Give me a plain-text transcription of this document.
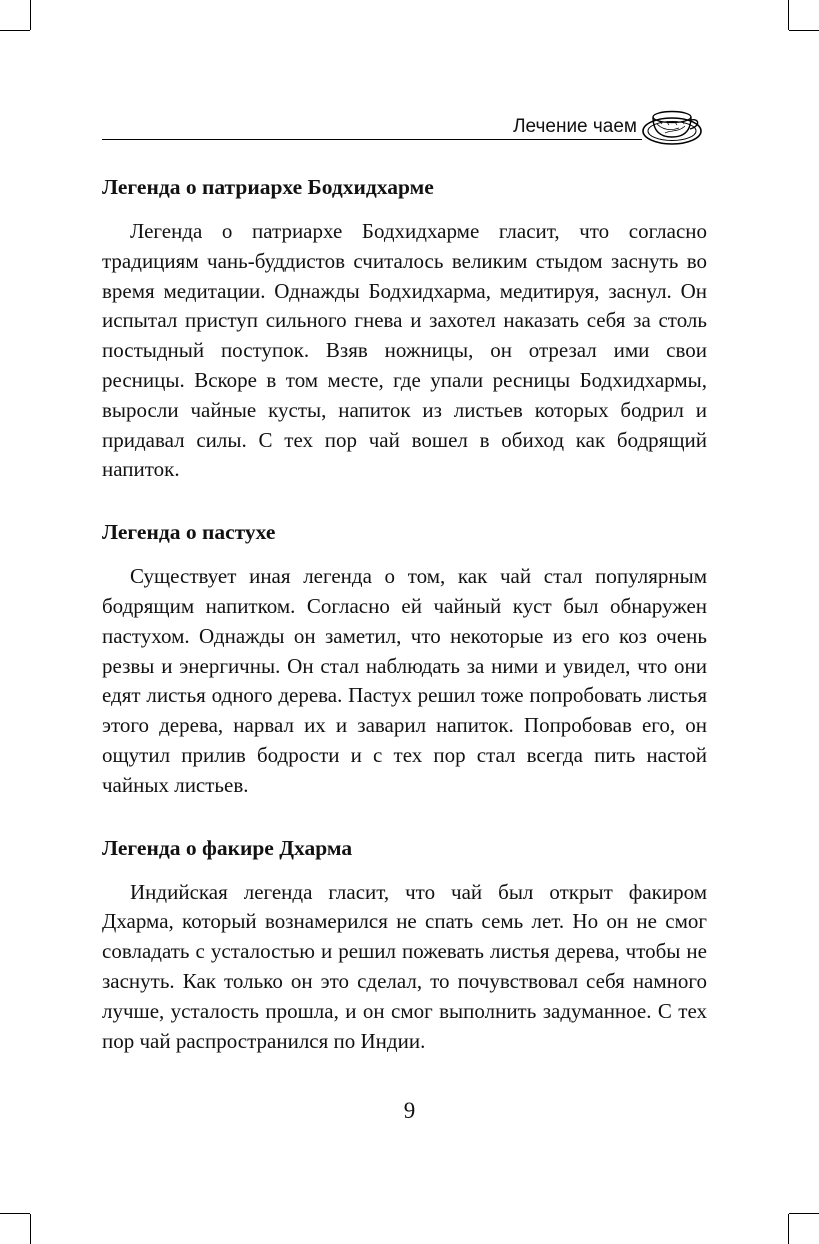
Лечение чаем
Легенда о патриархе Бодхидхарме

Легенда о патриархе Бодхидхарме гласит, что согласно традициям чань-буддистов считалось великим стыдом заснуть во время медитации. Однажды Бодхидхарма, медитируя, заснул. Он испытал приступ сильного гнева и захотел наказать себя за столь постыдный поступок. Взяв ножницы, он отрезал ими свои ресницы. Вскоре в том месте, где упали ресницы Бодхидхармы, выросли чайные кусты, напиток из листьев которых бодрил и придавал силы. С тех пор чай вошел в обиход как бодрящий напиток.

Легенда о пастухе

Существует иная легенда о том, как чай стал популярным бодрящим напитком. Согласно ей чайный куст был обнаружен пастухом. Однажды он заметил, что некоторые из его коз очень резвы и энергичны. Он стал наблюдать за ними и увидел, что они едят листья одного дерева. Пастух решил тоже попробовать листья этого дерева, нарвал их и заварил напиток. Попробовав его, он ощутил прилив бодрости и с тех пор стал всегда пить настой чайных листьев.

Легенда о факире Дхарма

Индийская легенда гласит, что чай был открыт факиром Дхарма, который вознамерился не спать семь лет. Но он не смог совладать с усталостью и решил пожевать листья дерева, чтобы не заснуть. Как только он это сделал, то почувствовал себя намного лучше, усталость прошла, и он смог выполнить задуманное. С тех пор чай распространился по Индии.

9
